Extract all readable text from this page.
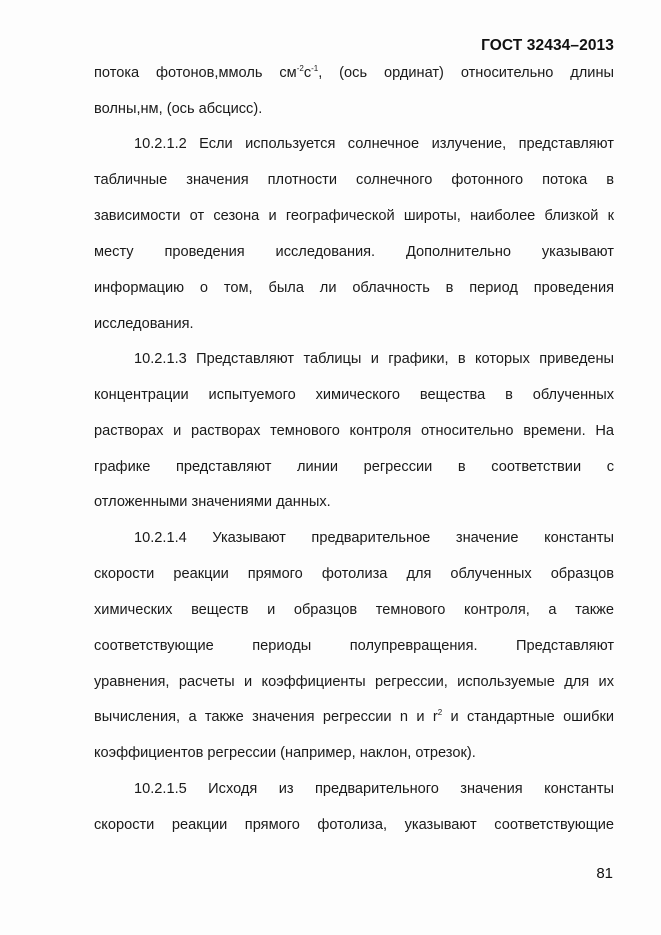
ГОСТ 32434–2013
потока фотонов,ммоль $см^{-2}с^{-1}$, (ось ординат) относительно длины
волны,нм, (ось абсцисс).
10.2.1.2 Если используется солнечное излучение, представляют
табличные значения плотности солнечного фотонного потока в
зависимости от сезона и географической широты, наиболее близкой к
месту проведения исследования. Дополнительно указывают
информацию о том, была ли облачность в период проведения
исследования.
10.2.1.3 Представляют таблицы и графики, в которых приведены
концентрации испытуемого химического вещества в облученных
растворах и растворах темнового контроля относительно времени. На
графике представляют линии регрессии в соответствии с
отложенными значениями данных.
10.2.1.4 Указывают предварительное значение константы
скорости реакции прямого фотолиза для облученных образцов
химических веществ и образцов темнового контроля, а также
соответствующие периоды полупревращения. Представляют
уравнения, расчеты и коэффициенты регрессии, используемые для их
вычисления, а также значения регрессии n и $r^2$ и стандартные ошибки
коэффициентов регрессии (например, наклон, отрезок).
10.2.1.5 Исходя из предварительного значения константы
скорости реакции прямого фотолиза, указывают соответствующие
81
